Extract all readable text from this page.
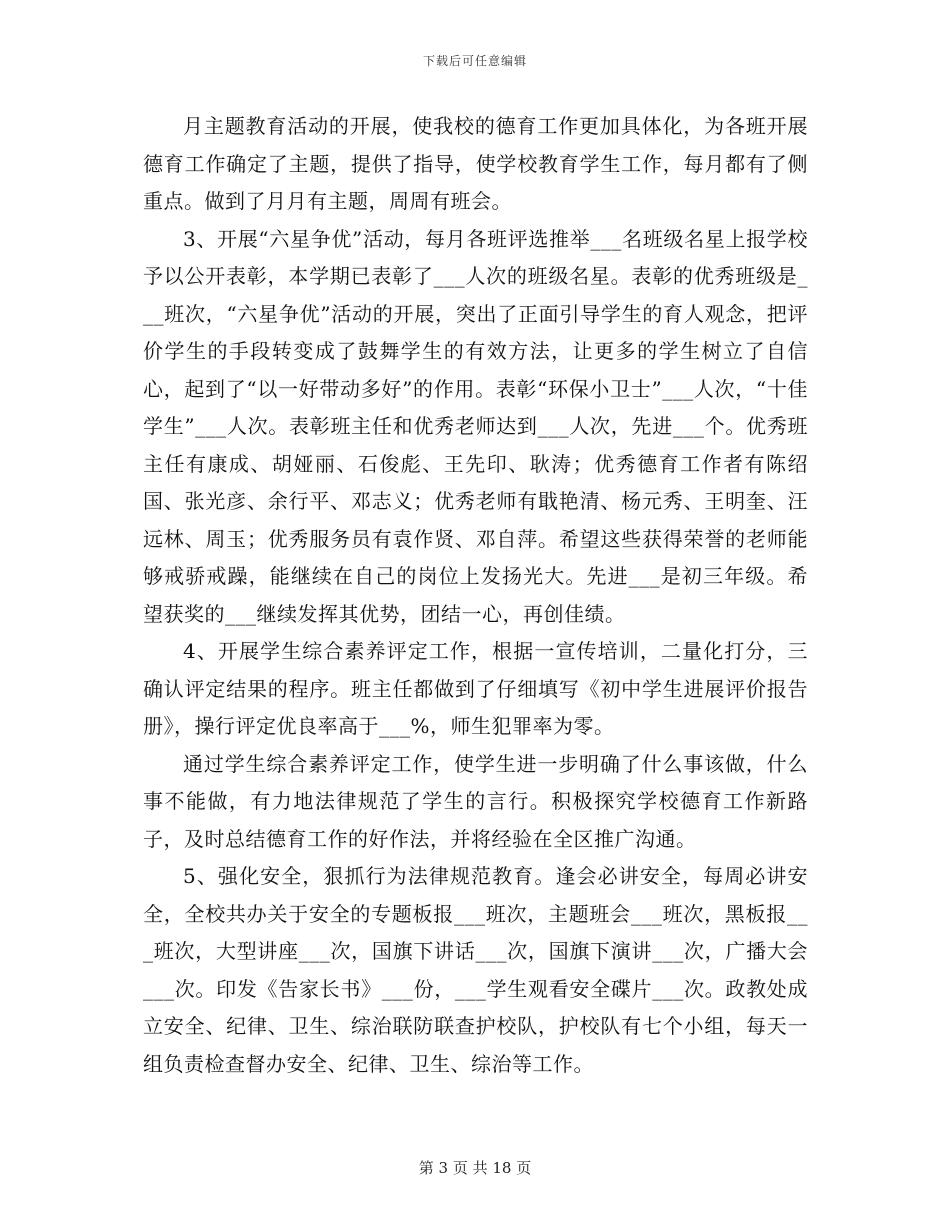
下载后可任意编辑

月主题教育活动的开展，使我校的德育工作更加具体化，为各班开展德育工作确定了主题，提供了指导，使学校教育学生工作，每月都有了侧重点。做到了月月有主题，周周有班会。

3、开展“六星争优”活动，每月各班评选推举___名班级名星上报学校予以公开表彰，本学期已表彰了___人次的班级名星。表彰的优秀班级是___班次，“六星争优”活动的开展，突出了正面引导学生的育人观念，把评价学生的手段转变成了鼓舞学生的有效方法，让更多的学生树立了自信心，起到了“以一好带动多好”的作用。表彰“环保小卫士”___人次，“十佳学生”___人次。表彰班主任和优秀老师达到___人次，先进___个。优秀班主任有康成、胡娅丽、石俊彪、王先印、耿涛；优秀德育工作者有陈绍国、张光彦、余行平、邓志义；优秀老师有戢艳清、杨元秀、王明奎、汪远林、周玉；优秀服务员有袁作贤、邓自萍。希望这些获得荣誉的老师能够戒骄戒躁，能继续在自己的岗位上发扬光大。先进___是初三年级。希望获奖的___继续发挥其优势，团结一心，再创佳绩。

4、开展学生综合素养评定工作，根据一宣传培训，二量化打分，三确认评定结果的程序。班主任都做到了仔细填写《初中学生进展评价报告册》，操行评定优良率高于___%，师生犯罪率为零。

通过学生综合素养评定工作，使学生进一步明确了什么事该做，什么事不能做，有力地法律规范了学生的言行。积极探究学校德育工作新路子，及时总结德育工作的好作法，并将经验在全区推广沟通。

5、强化安全，狠抓行为法律规范教育。逢会必讲安全，每周必讲安全，全校共办关于安全的专题板报___班次，主题班会___班次，黑板报___班次，大型讲座___次，国旗下讲话___次，国旗下演讲___次，广播大会___次。印发《告家长书》___份，___学生观看安全碟片___次。政教处成立安全、纪律、卫生、综治联防联查护校队，护校队有七个小组，每天一组负责检查督办安全、纪律、卫生、综治等工作。

第 3 页 共 18 页
